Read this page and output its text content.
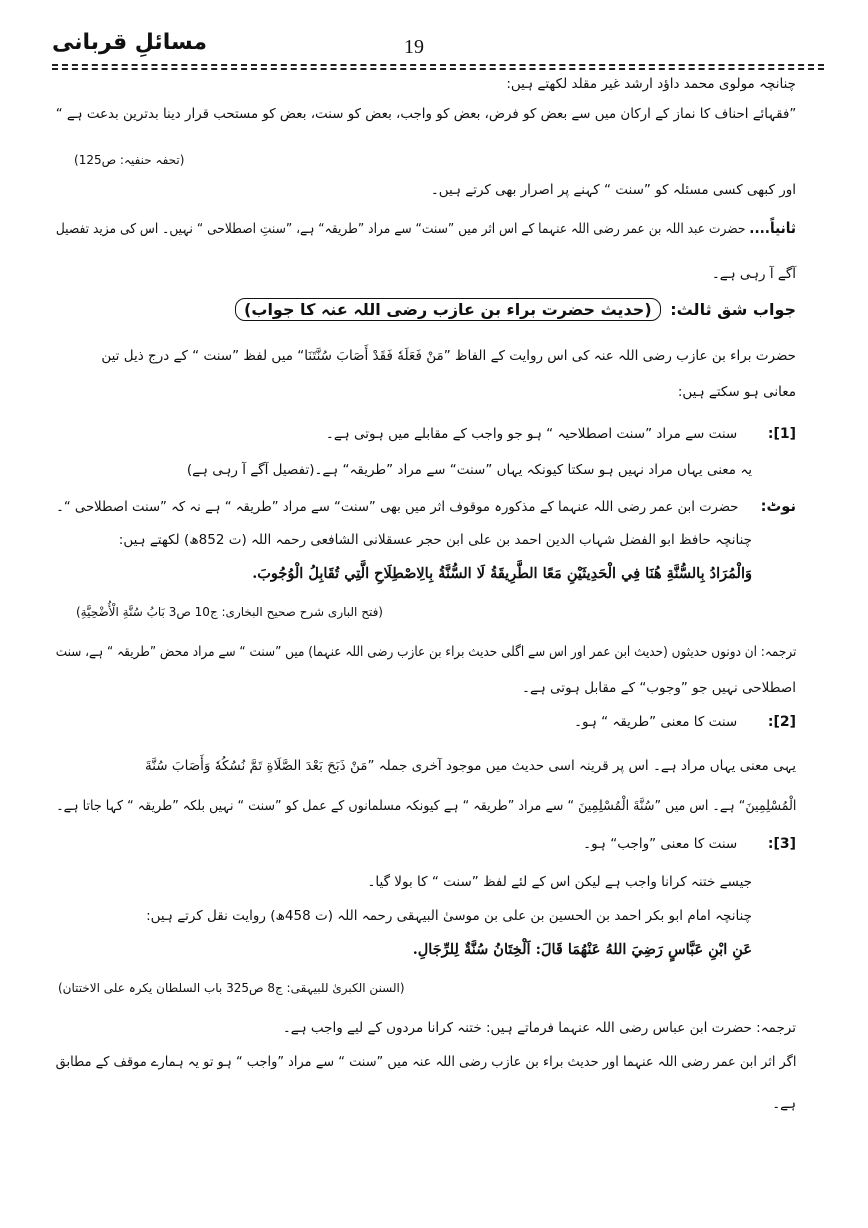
مسائلِ قربانی	19
چنانچہ مولوی محمد داؤد ارشد غیر مقلد لکھتے ہیں:
”فقہائے احناف کا نماز کے ارکان میں سے بعض کو فرض، بعض کو واجب، بعض کو سنت، بعض کو مستحب قرار دینا بدترین بدعت ہے “
(تحفہ حنفیہ: ص125)
اور کبھی کسی مسئلہ کو ”سنت “ کہنے پر اصرار بھی کرتے ہیں۔
ثانیاً.... حضرت عبد اللہ بن عمر رضی اللہ عنہما کے اس اثر میں ”سنت“ سے مراد ”طریقہ“ ہے، ”سنتِ اصطلاحی “ نہیں۔ اس کی مزید تفصیل
آگے آ رہی ہے۔
جواب شق ثالث: (حدیث حضرت براء بن عازب رضی اللہ عنہ کا جواب)
حضرت براء بن عازب رضی اللہ عنہ کی اس روایت کے الفاظ ”مَنْ فَعَلَهٗ فَقَدْ أَصَابَ سُنَّتَنَا“ میں لفظ ”سنت “ کے درج ذیل تین
معانی ہو سکتے ہیں:
[1]:  سنت سے مراد ”سنت اصطلاحیہ “ ہو جو واجب کے مقابلے میں ہوتی ہے۔
یہ معنی یہاں مراد نہیں ہو سکتا کیونکہ یہاں ”سنت“ سے مراد ”طریقہ“ ہے۔(تفصیل آگے آ رہی ہے)
نوٹ:  حضرت ابن عمر رضی اللہ عنہما کے مذکورہ موقوف اثر میں بھی ”سنت“ سے مراد ”طریقہ “ ہے نہ کہ ”سنت اصطلاحی “۔
چنانچہ حافظ ابو الفضل شہاب الدین احمد بن علی ابن حجر عسقلانی الشافعی رحمہ اللہ (ت 852ھ) لکھتے ہیں:
وَالْمُرَادُ بِالسُّنَّةِ هُنَا فِي الْحَدِيثَيْنِ مَعًا الطَّرِيقَةُ لَا السُّنَّةُ بِالِاصْطِلَاحِ الَّتِي تُقَابِلُ الْوُجُوبَ.
(فتح الباری شرح صحیح البخاری: ج10 ص3 بَابُ سُنَّةِ الْأُضْحِيَّةِ)
ترجمہ: ان دونوں حدیثوں (حدیث ابن عمر اور اس سے اگلی حدیث براء بن عازب رضی اللہ عنہما) میں ”سنت “ سے مراد محض ”طریقہ “ ہے، سنت
اصطلاحی نہیں جو ”وجوب“ کے مقابل ہوتی ہے۔
[2]:  سنت کا معنی ”طریقہ “ ہو۔
یہی معنی یہاں مراد ہے۔ اس پر قرینہ اسی حدیث میں موجود آخری جملہ ”مَنْ ذَبَحَ بَعْدَ الصَّلَاةِ تَمَّ نُسُكُهٗ وَأَصَابَ سُنَّةَ
الْمُسْلِمِينَ“ ہے۔ اس میں ”سُنَّةَ الْمُسْلِمِينَ “ سے مراد ”طریقہ “ ہے کیونکہ مسلمانوں کے عمل کو ”سنت “ نہیں بلکہ ”طریقہ “ کہا جاتا ہے۔
[3]:  سنت کا معنی ”واجب“ ہو۔
جیسے ختنہ کرانا واجب ہے لیکن اس کے لئے لفظ ”سنت “ کا بولا گیا۔
چنانچہ امام ابو بکر احمد بن الحسین بن علی بن موسیٰ البیہقی رحمہ اللہ (ت 458ھ) روایت نقل کرتے ہیں:
عَنِ ابْنِ عَبَّاسٍ رَضِيَ اللهُ عَنْهُمَا قَالَ: اَلْخِتَانُ سُنَّةٌ لِلرِّجَالِ.
(السنن الکبریٰ للبیہقی: ج8 ص325 باب السلطان یکرہ علی الاختتان)
ترجمہ: حضرت ابن عباس رضی اللہ عنہما فرماتے ہیں: ختنہ کرانا مردوں کے لیے واجب ہے۔
اگر اثر ابن عمر رضی اللہ عنہما اور حدیث براء بن عازب رضی اللہ عنہ میں ”سنت “ سے مراد ”واجب “ ہو تو یہ ہمارے موقف کے مطابق
ہے۔
